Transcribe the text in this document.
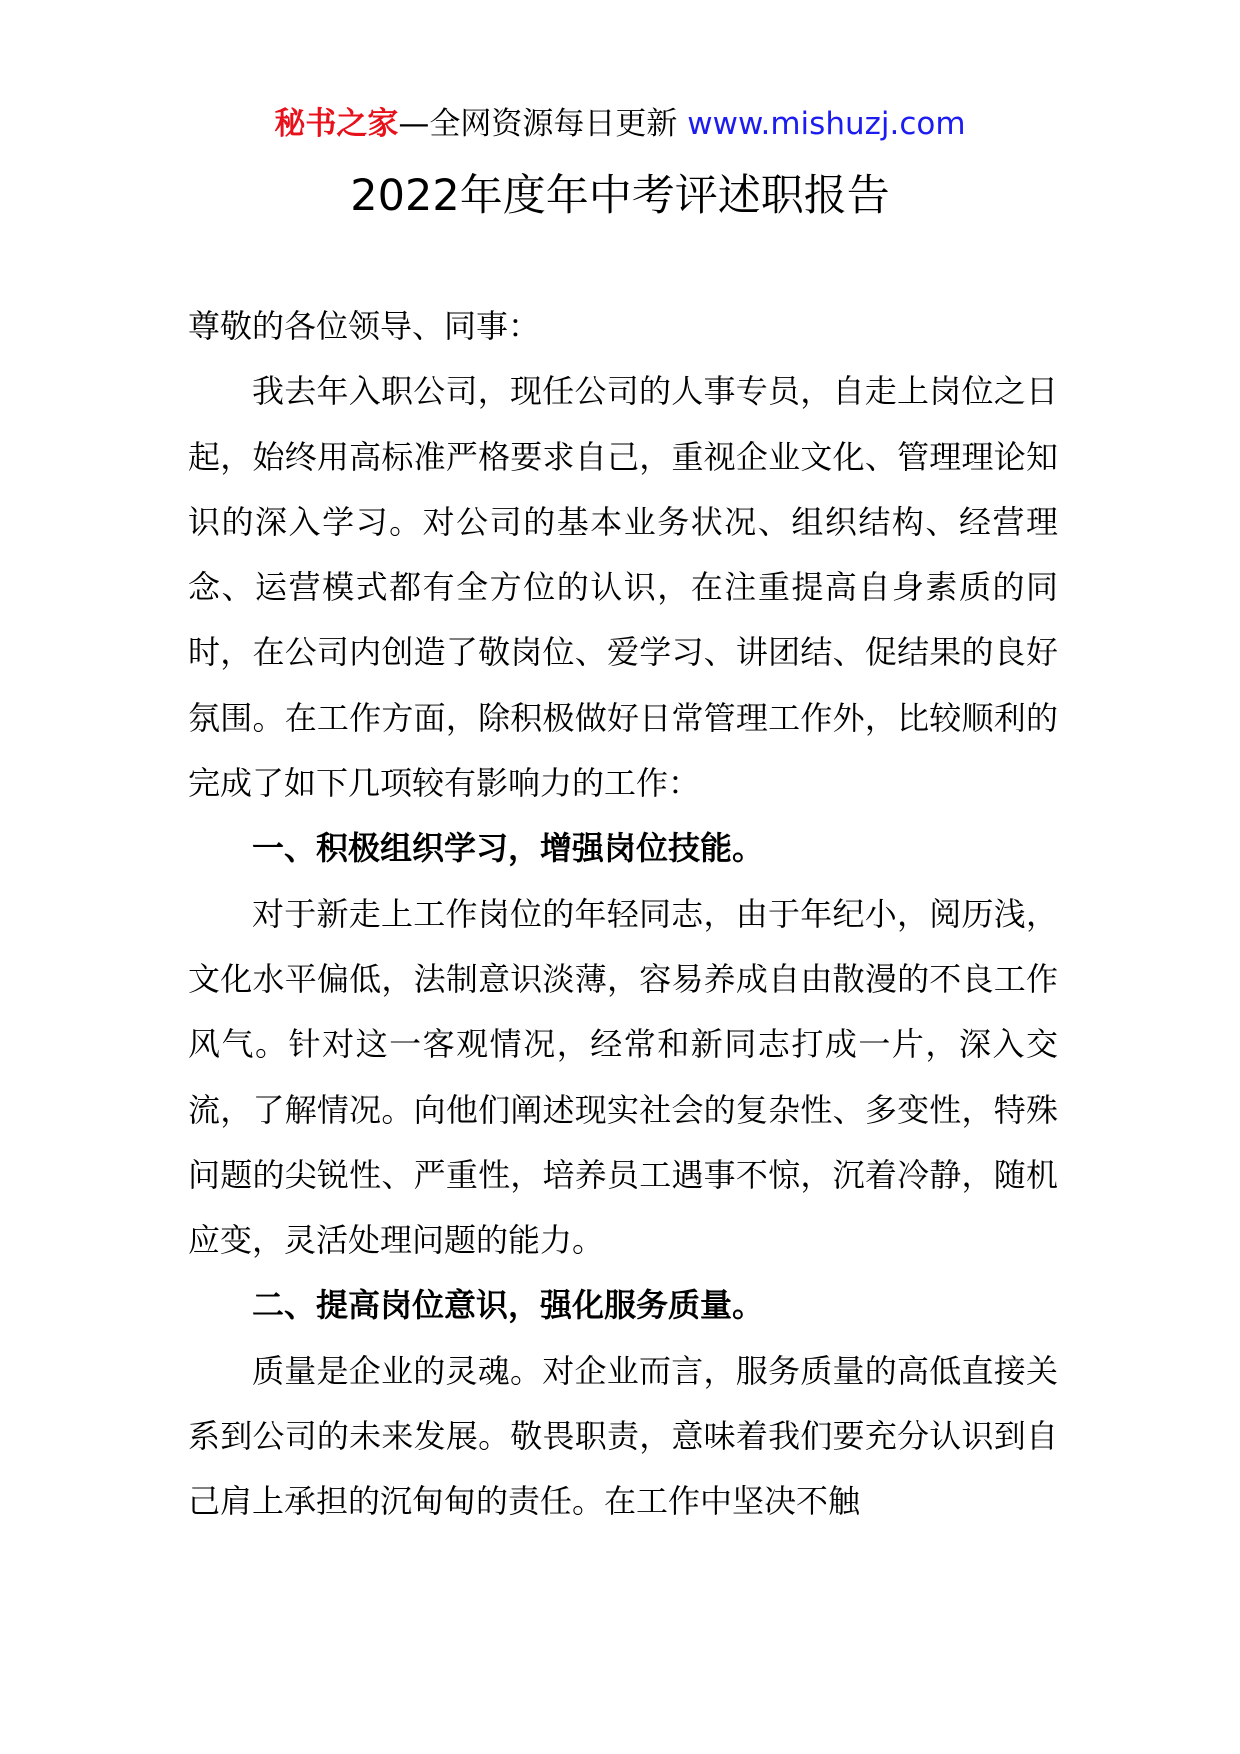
秘书之家—全网资源每日更新 www.mishuzj.com
2022年度年中考评述职报告

尊敬的各位领导、同事：

我去年入职公司，现任公司的人事专员，自走上岗位之日起，始终用高标准严格要求自己，重视企业文化、管理理论知识的深入学习。对公司的基本业务状况、组织结构、经营理念、运营模式都有全方位的认识，在注重提高自身素质的同时，在公司内创造了敬岗位、爱学习、讲团结、促结果的良好氛围。在工作方面，除积极做好日常管理工作外，比较顺利的完成了如下几项较有影响力的工作：

一、积极组织学习，增强岗位技能。

对于新走上工作岗位的年轻同志，由于年纪小，阅历浅，文化水平偏低，法制意识淡薄，容易养成自由散漫的不良工作风气。针对这一客观情况，经常和新同志打成一片，深入交流，了解情况。向他们阐述现实社会的复杂性、多变性，特殊问题的尖锐性、严重性，培养员工遇事不惊，沉着冷静，随机应变，灵活处理问题的能力。

二、提高岗位意识，强化服务质量。

质量是企业的灵魂。对企业而言，服务质量的高低直接关系到公司的未来发展。敬畏职责，意味着我们要充分认识到自己肩上承担的沉甸甸的责任。在工作中坚决不触
